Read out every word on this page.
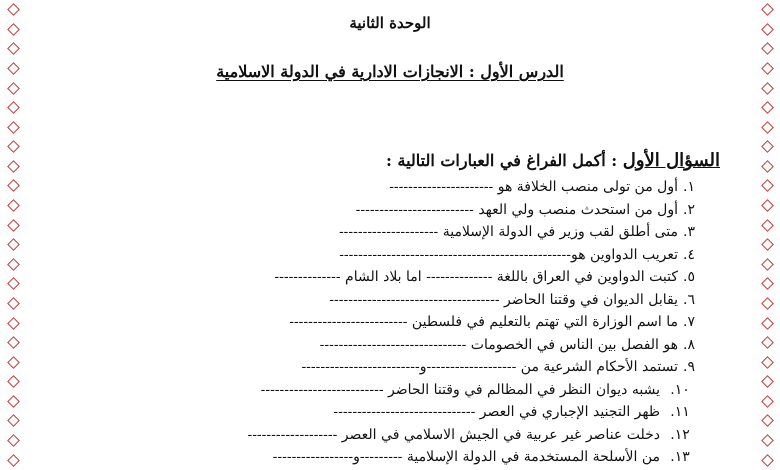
الوحدة الثانية
الدرس الأول : الانجازات الادارية في الدولة الاسلامية
السؤال الأول : أكمل الفراغ في العبارات التالية :
١.
أول من تولى منصب الخلافة هو ----------------------
٢.
أول من استحدث منصب ولي العهد -------------------------
٣.
متى أطلق لقب وزير في الدولة الإسلامية ---------------------
٤.
تعريب الدواوين هو-------------------------------------------------
٥.
كتبت الدواوين في العراق باللغة -------------- اما بلاد الشام --------------
٦.
يقابل الديوان في وقتنا الحاضر ------------------------------------
٧.
ما اسم الوزارة التي تهتم بالتعليم في فلسطين -------------------------
٨.
هو الفصل بين الناس في الخصومات -------------------------------
٩.
تستمد الأحكام الشرعية من -------------------و-------------------------
١٠.
يشبه ديوان النظر في المظالم في وقتنا الحاضر --------------------------
١١.
ظهر التجنيد الإجباري في العصر ------------------------------
١٢.
دخلت عناصر غير عربية في الجيش الاسلامي في العصر -------------------
١٣.
من الأسلحة المستخدمة في الدولة الإسلامية ---------و-----------------
